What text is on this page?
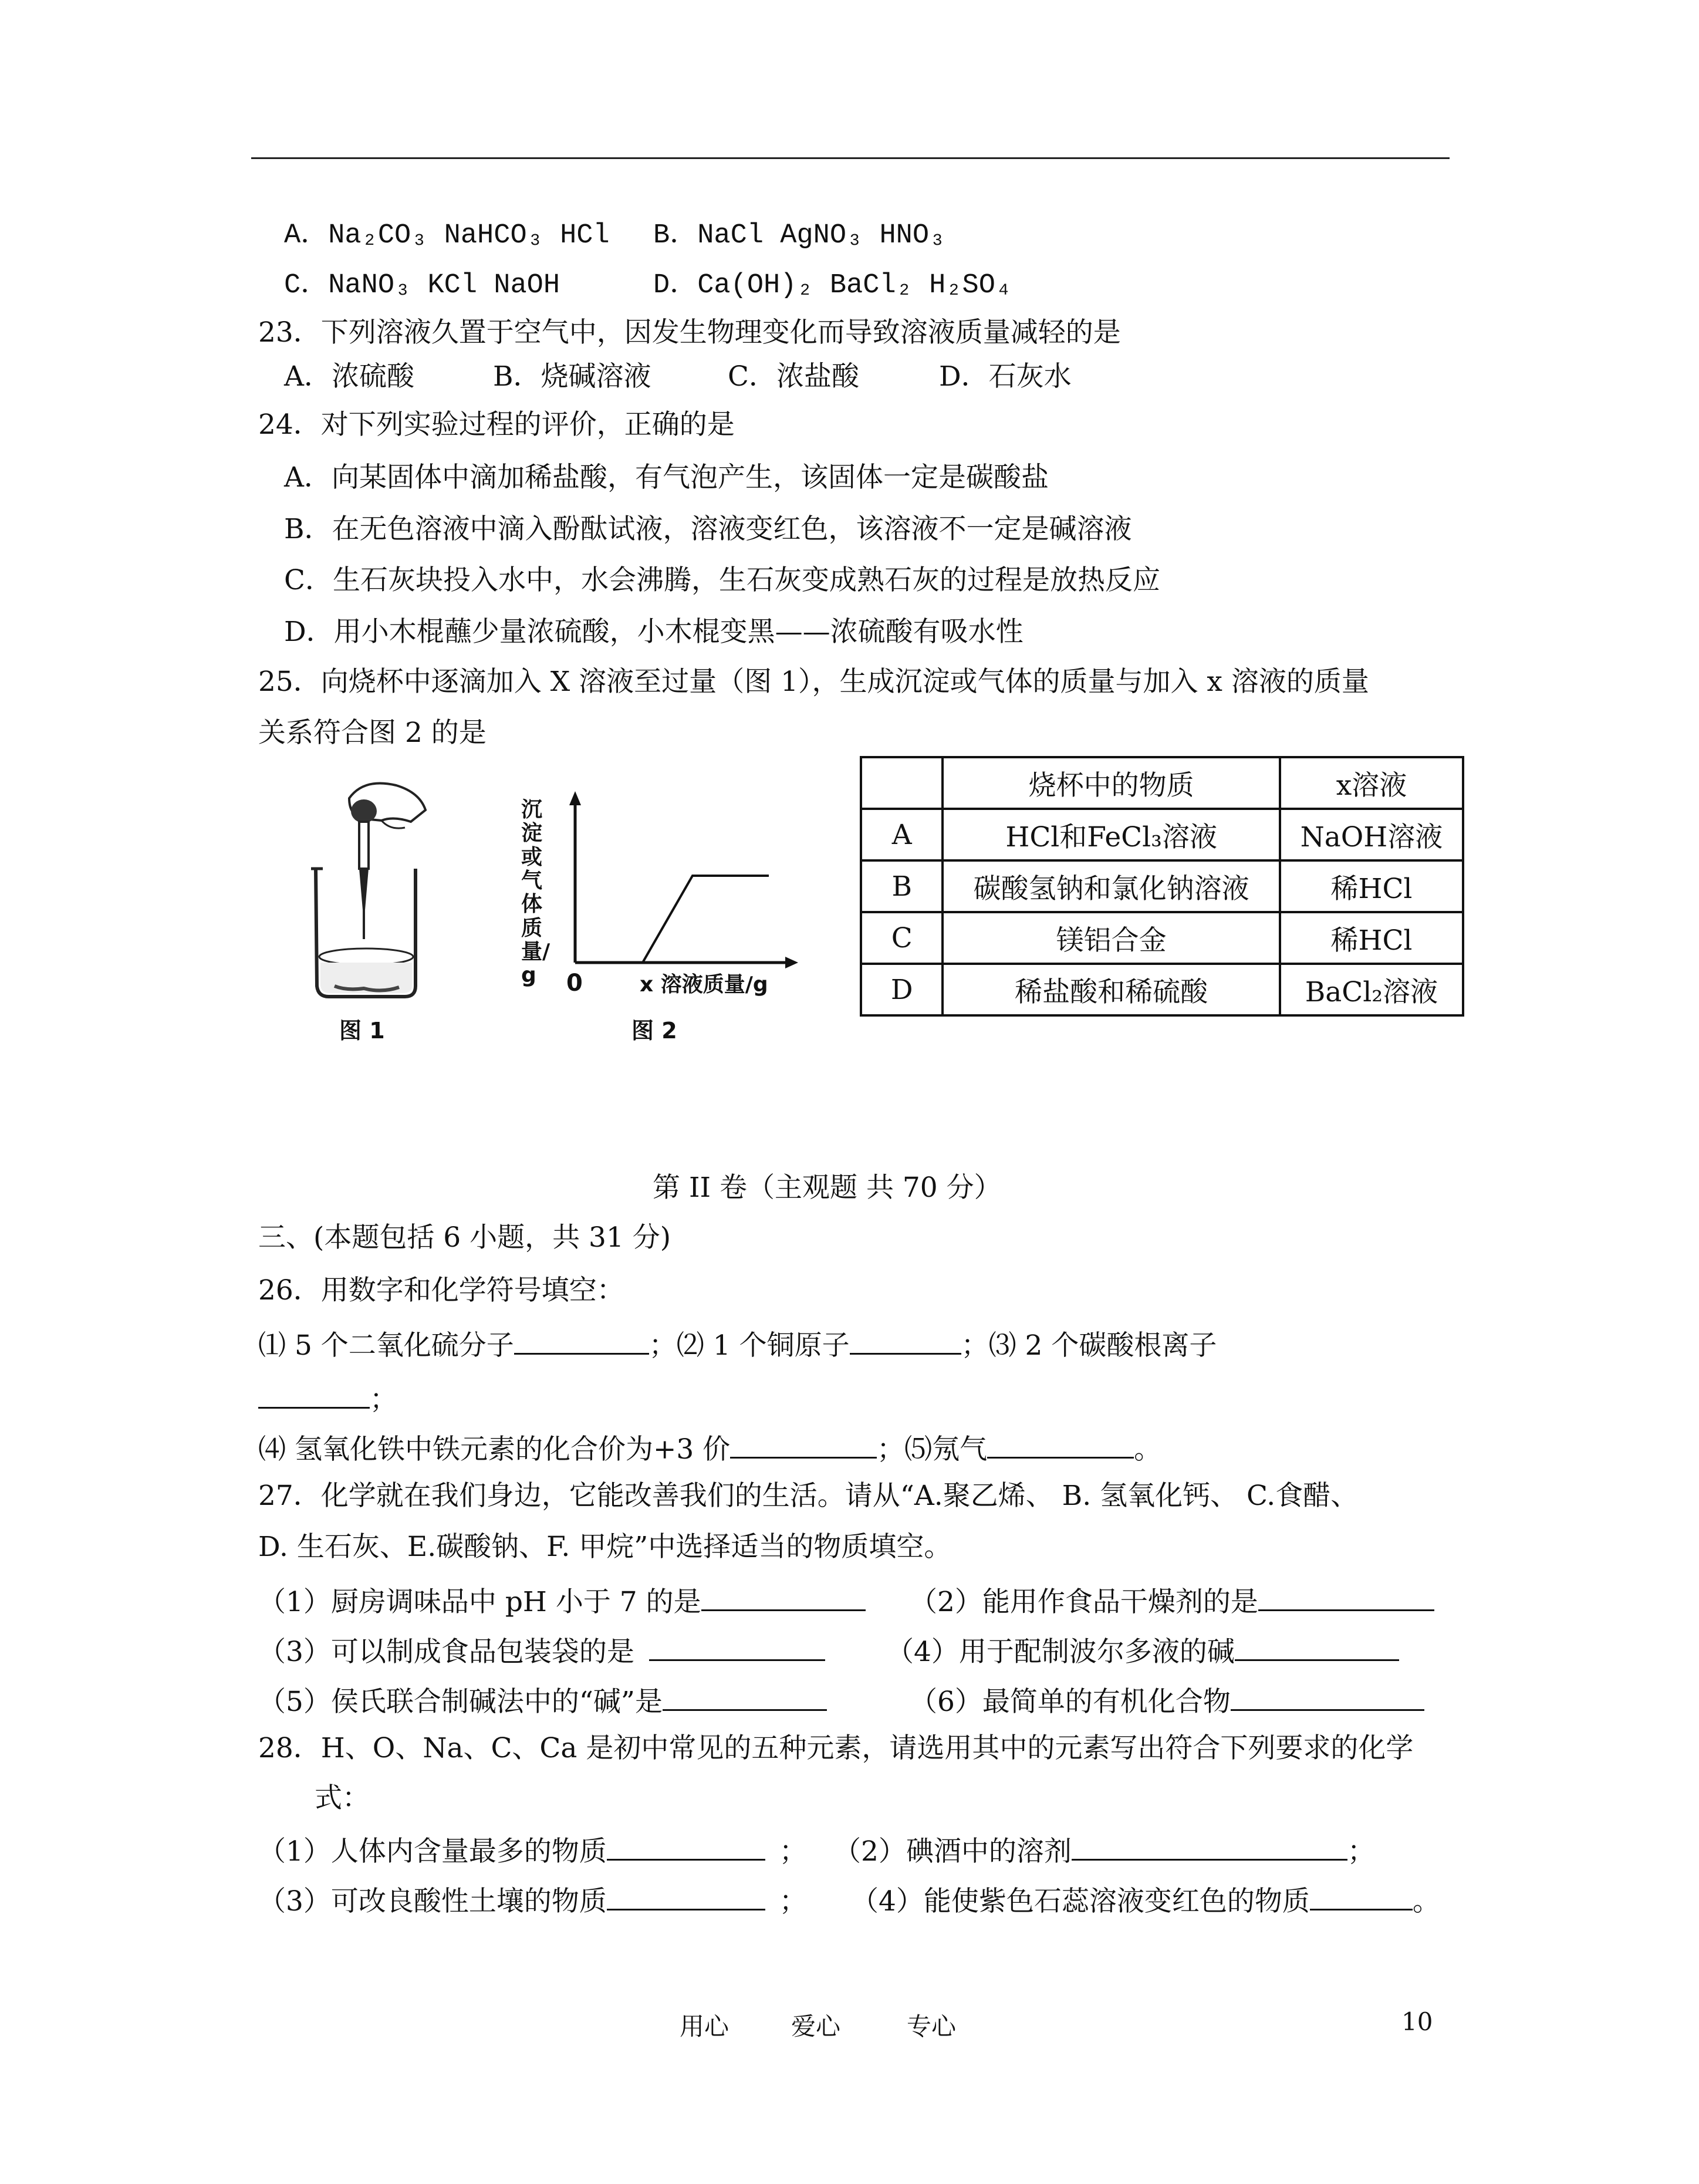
A．Na₂CO₃ NaHCO₃ HCl B．NaCl AgNO₃ HNO₃
C．NaNO₃ KCl NaOH	D．Ca(OH)₂ BaCl₂ H₂SO₄
23．下列溶液久置于空气中，因发生物理变化而导致溶液质量减轻的是
A．浓硫酸	B．烧碱溶液	C．浓盐酸	D．石灰水
24．对下列实验过程的评价，正确的是
A．向某固体中滴加稀盐酸，有气泡产生，该固体一定是碳酸盐
B．在无色溶液中滴入酚酞试液，溶液变红色，该溶液不一定是碱溶液
C．生石灰块投入水中，水会沸腾，生石灰变成熟石灰的过程是放热反应
D．用小木棍蘸少量浓硫酸，小木棍变黑——浓硫酸有吸水性
25．向烧杯中逐滴加入 X 溶液至过量（图 1），生成沉淀或气体的质量与加入 x 溶液的质量
关系符合图 2 的是
图 1
沉淀或气体质量/g	0	x 溶液质量/g
图 2
	烧杯中的物质	x溶液
A	HCl和FeCl₃溶液	NaOH溶液
B	碳酸氢钠和氯化钠溶液	稀HCl
C	镁铝合金	稀HCl
D	稀盐酸和稀硫酸	BaCl₂溶液
第 II 卷（主观题 共 70 分）
三、(本题包括 6 小题，共 31 分)
26．用数字和化学符号填空：
⑴ 5 个二氧化硫分子	；⑵ 1 个铜原子	；⑶ 2 个碳酸根离子
；
⑷ 氢氧化铁中铁元素的化合价为+3 价	；⑸氖气	。
27．化学就在我们身边，它能改善我们的生活。请从“A.聚乙烯、 B. 氢氧化钙、 C.食醋、
D. 生石灰、E.碳酸钠、F. 甲烷”中选择适当的物质填空。
（1）厨房调味品中 pH 小于 7 的是	（2）能用作食品干燥剂的是
（3）可以制成食品包装袋的是	（4）用于配制波尔多液的碱
（5）侯氏联合制碱法中的“碱”是	（6）最简单的有机化合物
28．H、O、Na、C、Ca 是初中常见的五种元素，请选用其中的元素写出符合下列要求的化学
式：
（1）人体内含量最多的物质	； （2）碘酒中的溶剂	；
（3）可改良酸性土壤的物质	； （4）能使紫色石蕊溶液变红色的物质	。
用心	爱心	专心	10
